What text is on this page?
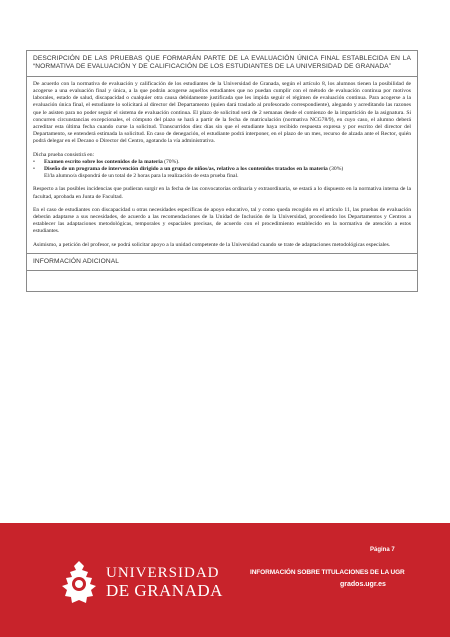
DESCRIPCIÓN DE LAS PRUEBAS QUE FORMARÁN PARTE DE LA EVALUACIÓN ÚNICA FINAL ESTABLECIDA EN LA “NORMATIVA DE EVALUACIÓN Y DE CALIFICACIÓN DE LOS ESTUDIANTES DE LA UNIVERSIDAD DE GRANADA”

De acuerdo con la normativa de evaluación y calificación de los estudiantes de la Universidad de Granada, según el artículo 8, los alumnos tienen la posibilidad de acogerse a una evaluación final y única, a la que podrán acogerse aquellos estudiantes que no puedan cumplir con el método de evaluación continua por motivos laborales, estado de salud, discapacidad o cualquier otra causa debidamente justificada que les impida seguir el régimen de evaluación continua. Para acogerse a la evaluación única final, el estudiante lo solicitará al director del Departamento (quien dará traslado al profesorado correspondiente), alegando y acreditando las razones que le asisten para no poder seguir el sistema de evaluación continua. El plazo de solicitud será de 2 semanas desde el comienzo de la impartición de la asignatura. Si concurren circunstancias excepcionales, el cómputo del plazo se hará a partir de la fecha de matriculación (normativa NCG78/9), en cuyo caso, el alumno deberá acreditar esta última fecha cuando curse la solicitud. Transcurridos diez días sin que el estudiante haya recibido respuesta expresa y por escrito del director del Departamento, se entenderá estimada la solicitud. En caso de denegación, el estudiante podrá interponer, en el plazo de un mes, recurso de alzada ante el Rector, quién podrá delegar en el Decano o Director del Centro, agotando la vía administrativa.

Dicha prueba consistirá en:

• Examen escrito sobre los contenidos de la materia (70%).
• Diseño de un programa de intervención dirigido a un grupo de niños/as, relativo a los contenidos tratados en la materia (30%)
El/la alumno/a dispondrá de un total de 2 horas para la realización de esta prueba final.

Respecto a las posibles incidencias que pudieran surgir en la fecha de las convocatorias ordinaria y extraordinaria, se estará a lo dispuesto en la normativa interna de la facultad, aprobada en Junta de Facultad.

En el caso de estudiantes con discapacidad u otras necesidades específicas de apoyo educativo, tal y como queda recogido en el artículo 11, las pruebas de evaluación deberán adaptarse a sus necesidades, de acuerdo a las recomendaciones de la Unidad de Inclusión de la Universidad, procediendo los Departamentos y Centros a establecer las adaptaciones metodológicas, temporales y espaciales precisas, de acuerdo con el procedimiento establecido en la normativa de atención a estos estudiantes.

Asimismo, a petición del profesor, se podrá solicitar apoyo a la unidad competente de la Universidad cuando se trate de adaptaciones metodológicas especiales.

INFORMACIÓN ADICIONAL
Página 7
UNIVERSIDAD
DE GRANADA
INFORMACIÓN SOBRE TITULACIONES DE LA UGR
grados.ugr.es
